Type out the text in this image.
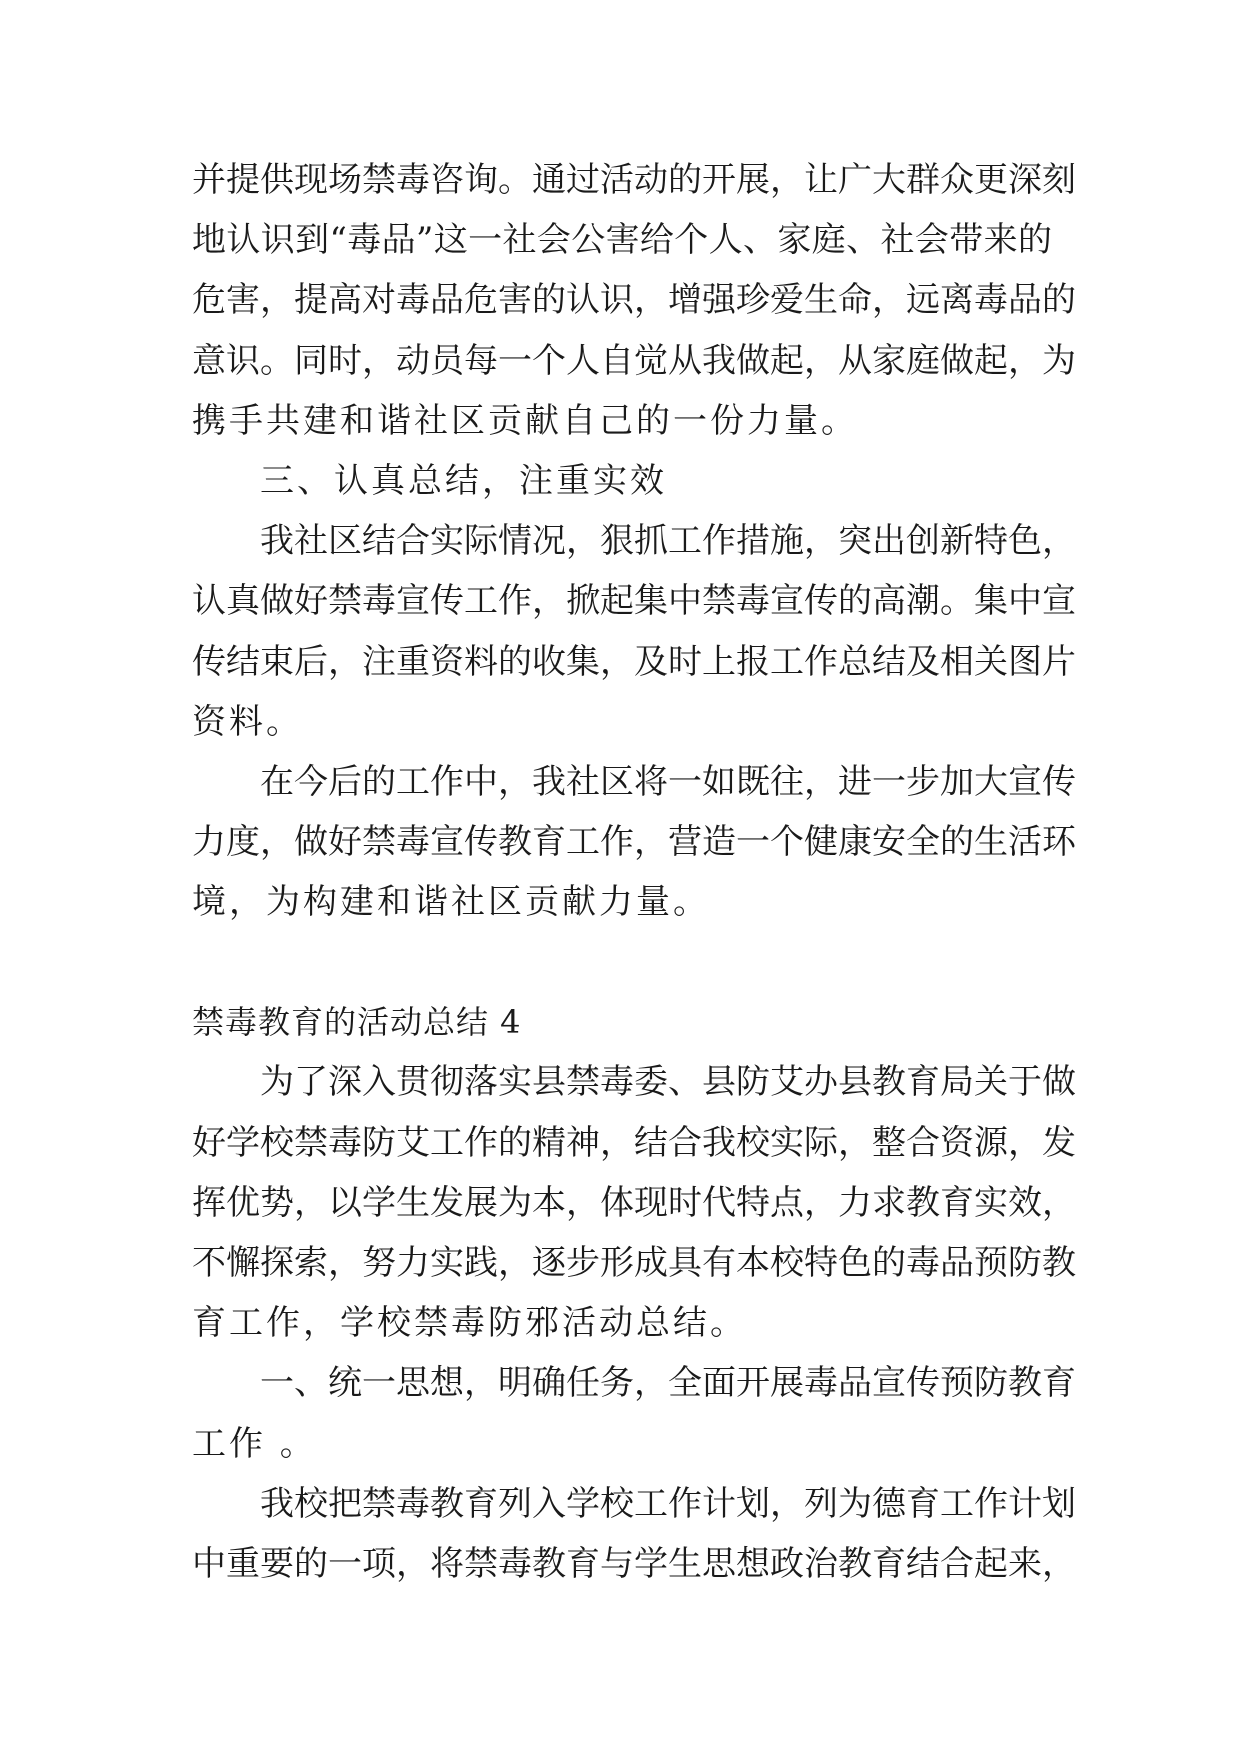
并提供现场禁毒咨询。通过活动的开展，让广大群众更深刻
地认识到“毒品”这一社会公害给个人、家庭、社会带来的
危害，提高对毒品危害的认识，增强珍爱生命，远离毒品的
意识。同时，动员每一个人自觉从我做起，从家庭做起，为
携手共建和谐社区贡献自己的一份力量。
三、认真总结，注重实效
我社区结合实际情况，狠抓工作措施，突出创新特色，
认真做好禁毒宣传工作，掀起集中禁毒宣传的高潮。集中宣
传结束后，注重资料的收集，及时上报工作总结及相关图片
资料。
在今后的工作中，我社区将一如既往，进一步加大宣传
力度，做好禁毒宣传教育工作，营造一个健康安全的生活环
境，为构建和谐社区贡献力量。
禁毒教育的活动总结 4
为了深入贯彻落实县禁毒委、县防艾办县教育局关于做
好学校禁毒防艾工作的精神，结合我校实际，整合资源，发
挥优势，以学生发展为本，体现时代特点，力求教育实效，
不懈探索，努力实践，逐步形成具有本校特色的毒品预防教
育工作，学校禁毒防邪活动总结。
一、统一思想，明确任务，全面开展毒品宣传预防教育
工作 。
我校把禁毒教育列入学校工作计划，列为德育工作计划
中重要的一项，将禁毒教育与学生思想政治教育结合起来，
